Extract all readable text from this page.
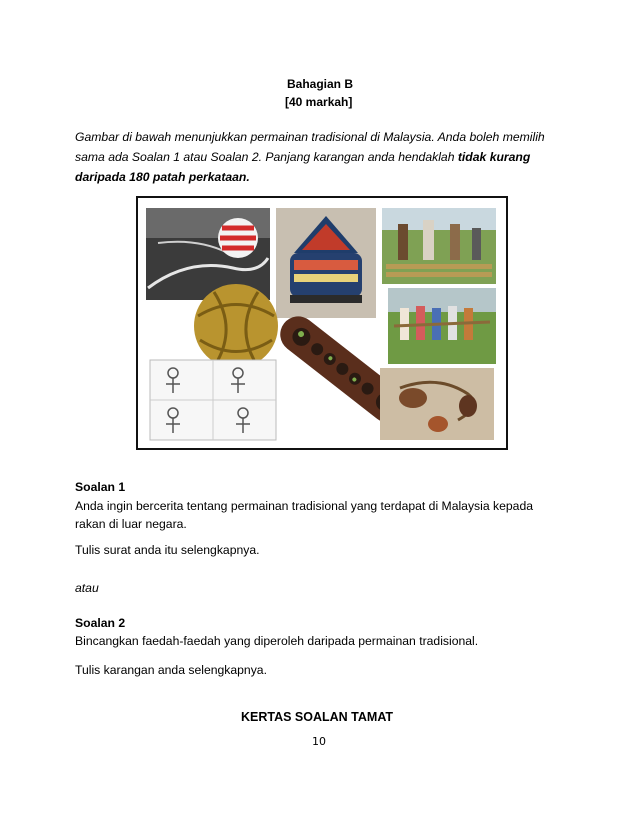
Bahagian B
[40 markah]
Gambar di bawah menunjukkan permainan tradisional di Malaysia. Anda boleh memilih sama ada Soalan 1 atau Soalan 2. Panjang karangan anda hendaklah tidak kurang daripada 180 patah perkataan.
Soalan 1
Anda ingin bercerita tentang permainan tradisional yang terdapat di Malaysia kepada rakan di luar negara.
Tulis surat anda itu selengkapnya.
atau
Soalan 2
Bincangkan faedah-faedah yang diperoleh daripada permainan tradisional.
Tulis karangan anda selengkapnya.
KERTAS SOALAN TAMAT
10
